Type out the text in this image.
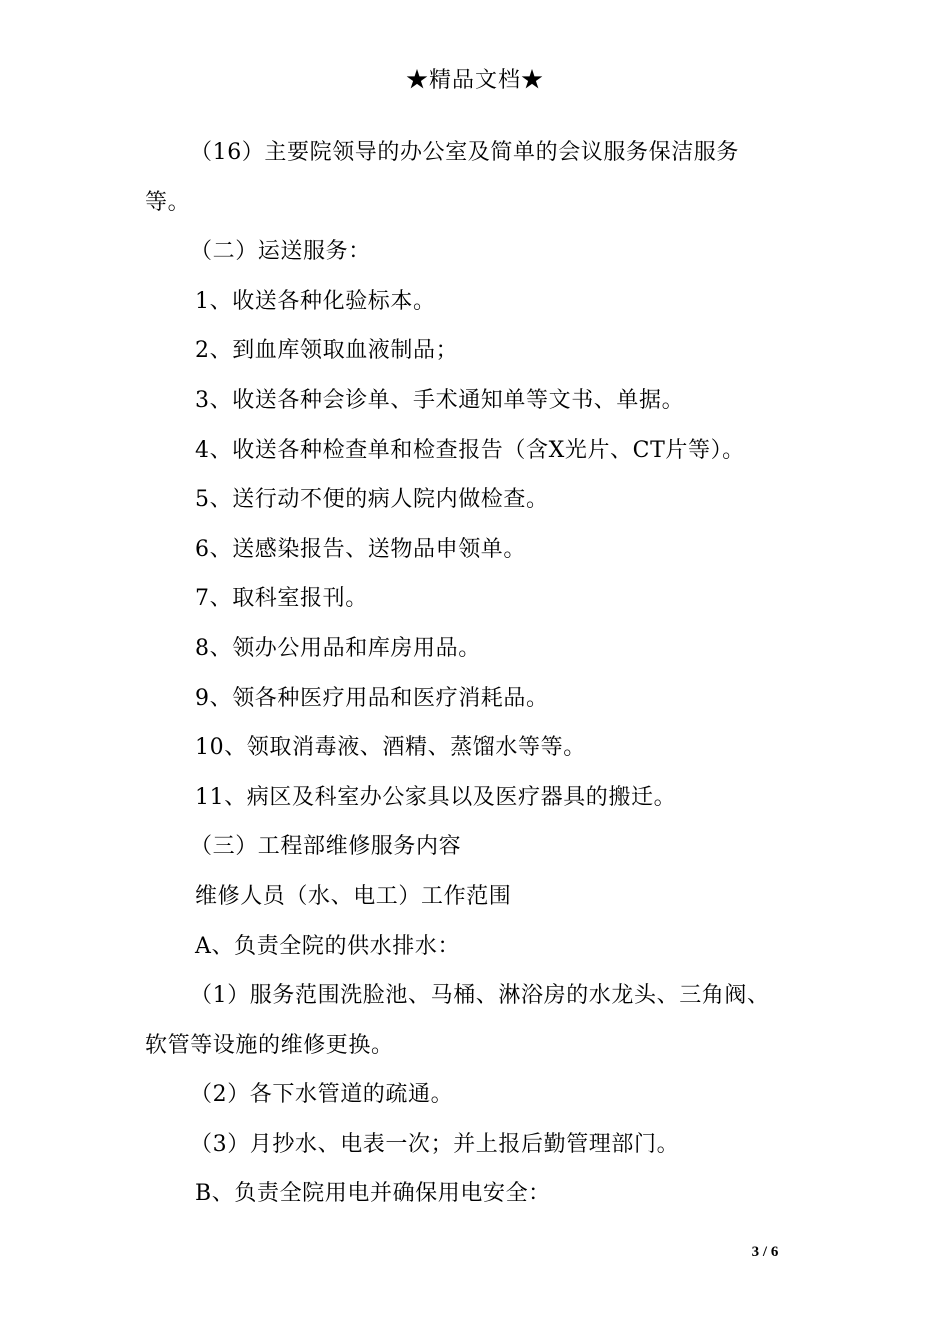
★精品文档★
（16）主要院领导的办公室及简单的会议服务保洁服务
等。
（二）运送服务：
1、收送各种化验标本。
2、到血库领取血液制品；
3、收送各种会诊单、手术通知单等文书、单据。
4、收送各种检查单和检查报告（含X光片、CT片等）。
5、送行动不便的病人院内做检查。
6、送感染报告、送物品申领单。
7、取科室报刊。
8、领办公用品和库房用品。
9、领各种医疗用品和医疗消耗品。
10、领取消毒液、酒精、蒸馏水等等。
11、病区及科室办公家具以及医疗器具的搬迁。
（三）工程部维修服务内容
维修人员（水、电工）工作范围
A、负责全院的供水排水：
（1）服务范围洗脸池、马桶、淋浴房的水龙头、三角阀、
软管等设施的维修更换。
（2）各下水管道的疏通。
（3）月抄水、电表一次；并上报后勤管理部门。
B、负责全院用电并确保用电安全：
3 / 6
